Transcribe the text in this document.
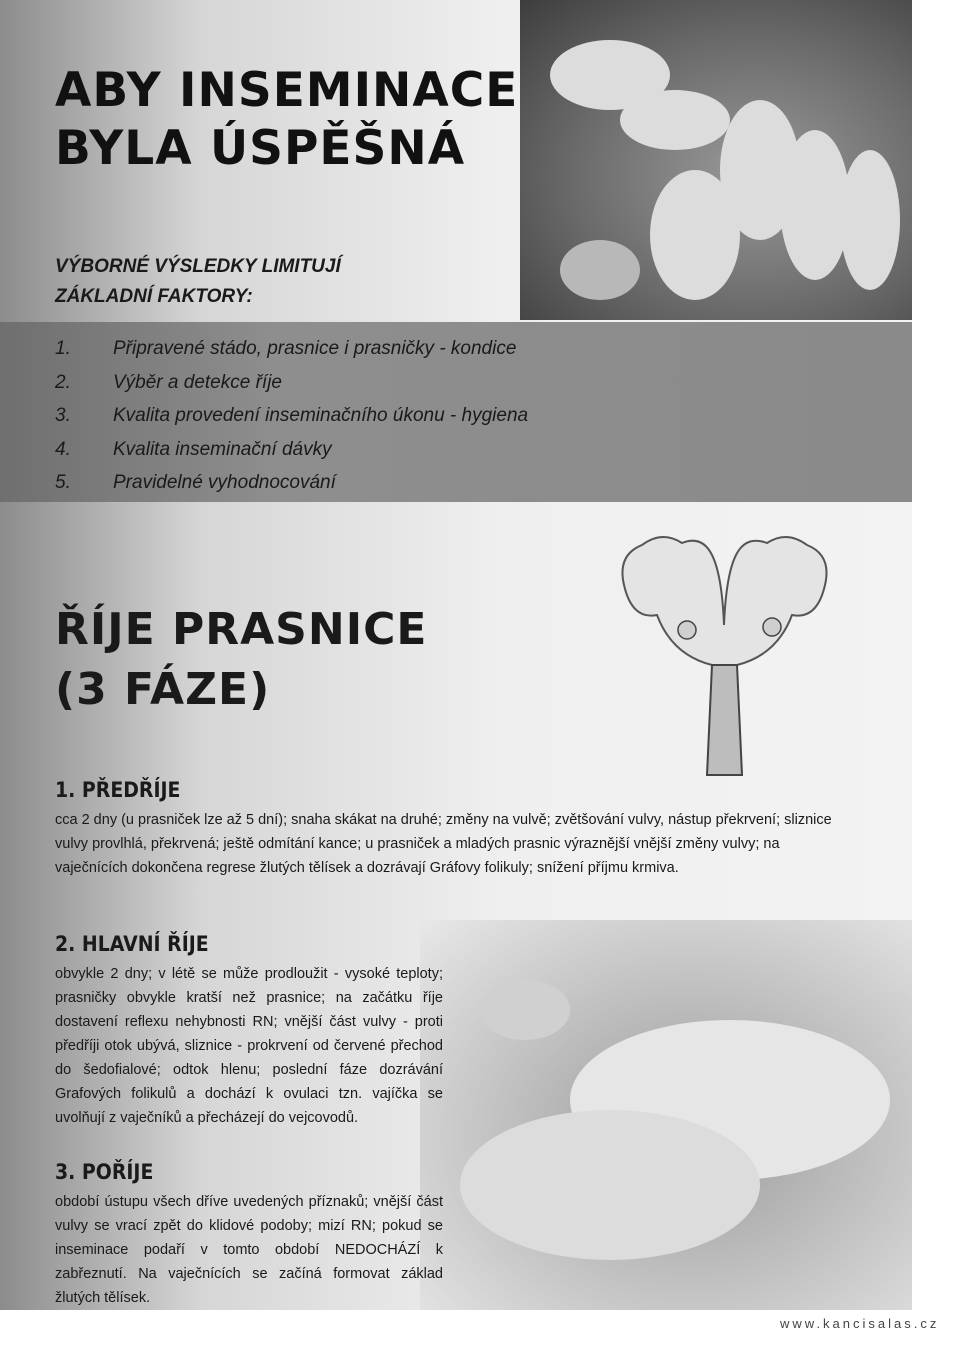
ABY INSEMINACE
BYLA ÚSPĚŠNÁ

VÝBORNÉ VÝSLEDKY LIMITUJÍ
ZÁKLADNÍ FAKTORY:

1. Připravené stádo, prasnice i prasničky - kondice
2. Výběr a detekce říje
3. Kvalita provedení inseminačního úkonu - hygiena
4. Kvalita inseminační dávky
5. Pravidelné vyhodnocování
ŘÍJE PRASNICE
(3 FÁZE)
1. PŘEDŘÍJE

cca 2 dny (u prasniček lze až 5 dní); snaha skákat na druhé; změny na vulvě; zvětšování vulvy, nástup překrvení; sliznice vulvy provlhlá, překrvená; ještě odmítání kance; u prasniček a mladých prasnic výraznější vnější změny vulvy; na vaječnících dokončena regrese žlutých tělísek a dozrávají Gráfovy folikuly; snížení příjmu krmiva.

2. HLAVNÍ ŘÍJE

obvykle 2 dny; v létě se může prodloužit - vysoké teploty; prasničky obvykle kratší než prasnice; na začátku říje dostavení reflexu nehybnosti RN; vnější část vulvy - proti předříji otok ubývá, sliznice - prokrvení od červené přechod do šedofialové; odtok hlenu; poslední fáze dozrávání Grafových folikulů a dochází k ovulaci tzn. vajíčka se uvolňují z vaječníků a přecházejí do vejcovodů.

3. POŘÍJE

období ústupu všech dříve uvedených příznaků; vnější část vulvy se vrací zpět do klidové podoby; mizí RN; pokud se inseminace podaří v tomto období NEDOCHÁZÍ k zabřeznutí. Na vaječnících se začíná formovat základ žlutých tělísek.

www.kancisalas.cz
